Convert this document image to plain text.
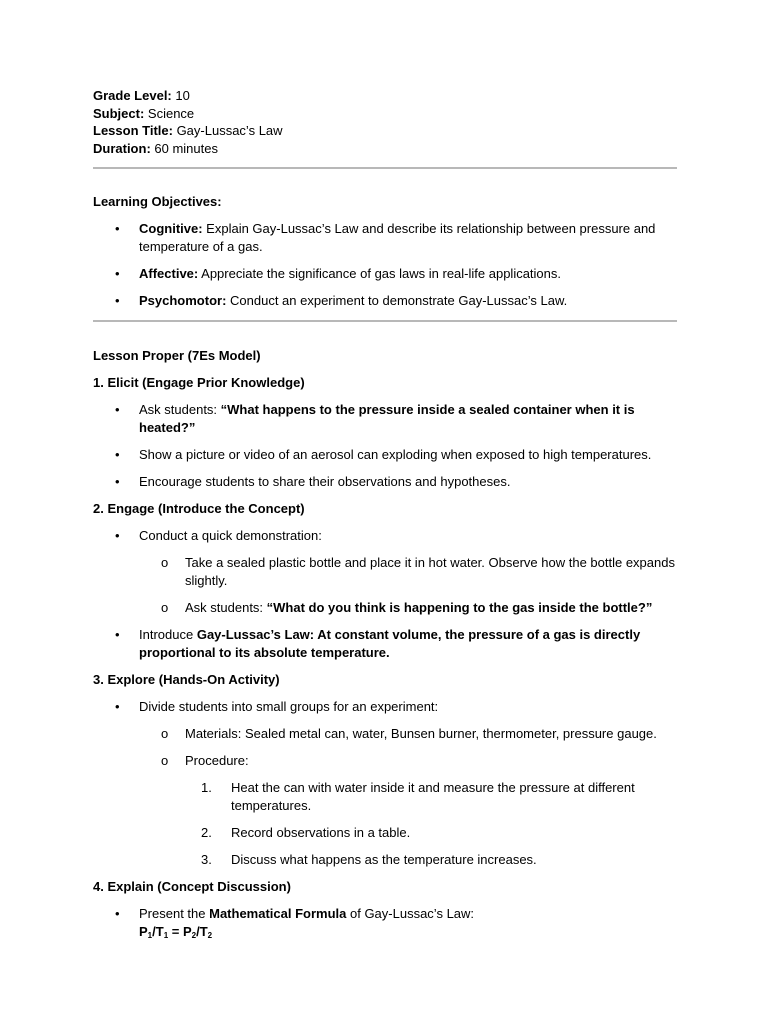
Grade Level: 10
Subject: Science
Lesson Title: Gay-Lussac’s Law
Duration: 60 minutes
Learning Objectives:
• Cognitive: Explain Gay-Lussac’s Law and describe its relationship between pressure and temperature of a gas.
• Affective: Appreciate the significance of gas laws in real-life applications.
• Psychomotor: Conduct an experiment to demonstrate Gay-Lussac’s Law.
Lesson Proper (7Es Model)
1. Elicit (Engage Prior Knowledge)
• Ask students: “What happens to the pressure inside a sealed container when it is heated?”
• Show a picture or video of an aerosol can exploding when exposed to high temperatures.
• Encourage students to share their observations and hypotheses.
2. Engage (Introduce the Concept)
• Conduct a quick demonstration:
o Take a sealed plastic bottle and place it in hot water. Observe how the bottle expands slightly.
o Ask students: “What do you think is happening to the gas inside the bottle?”
• Introduce Gay-Lussac’s Law: At constant volume, the pressure of a gas is directly proportional to its absolute temperature.
3. Explore (Hands-On Activity)
• Divide students into small groups for an experiment:
o Materials: Sealed metal can, water, Bunsen burner, thermometer, pressure gauge.
o Procedure:
1. Heat the can with water inside it and measure the pressure at different temperatures.
2. Record observations in a table.
3. Discuss what happens as the temperature increases.
4. Explain (Concept Discussion)
• Present the Mathematical Formula of Gay-Lussac’s Law:
$P_1/T_1 = P_2/T_2$
